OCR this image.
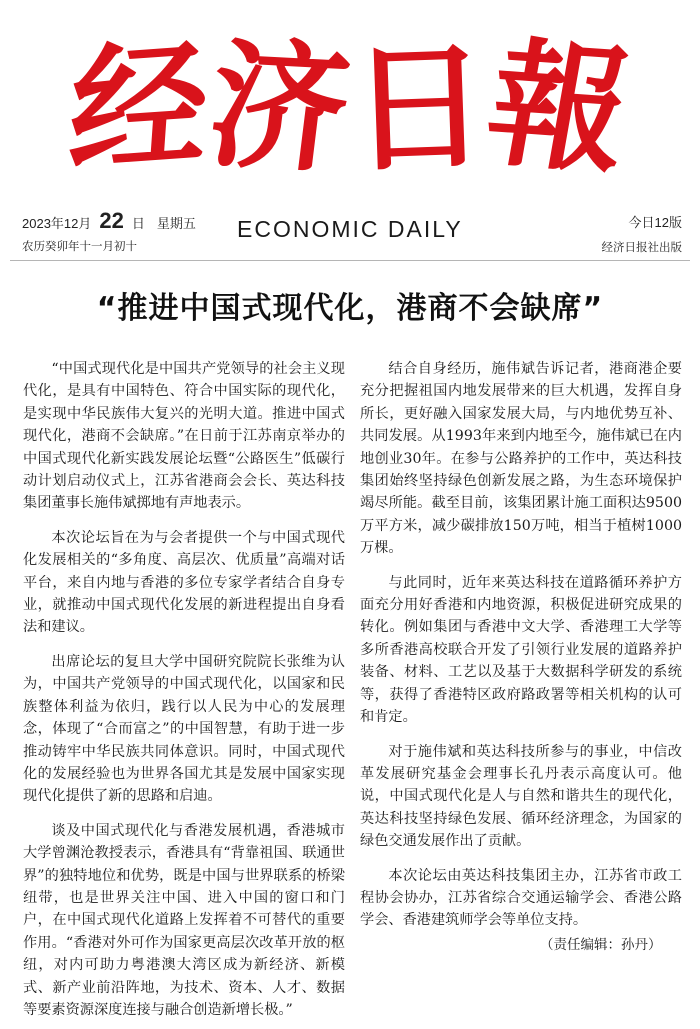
经
济
日
報
2023年12月 22 日 星期五
农历癸卯年十一月初十
ECONOMIC DAILY	今日12版
经济日报社出版
“推进中国式现代化，港商不会缺席”

“中国式现代化是中国共产党领导的社会主义现代化，是具有中国特色、符合中国实际的现代化，是实现中华民族伟大复兴的光明大道。推进中国式现代化，港商不会缺席。”在日前于江苏南京举办的中国式现代化新实践发展论坛暨“公路医生”低碳行动计划启动仪式上，江苏省港商会会长、英达科技集团董事长施伟斌掷地有声地表示。

本次论坛旨在为与会者提供一个与中国式现代化发展相关的“多角度、高层次、优质量”高端对话平台，来自内地与香港的多位专家学者结合自身专业，就推动中国式现代化发展的新进程提出自身看法和建议。

出席论坛的复旦大学中国研究院院长张维为认为，中国共产党领导的中国式现代化，以国家和民族整体利益为依归，践行以人民为中心的发展理念，体现了“合而富之”的中国智慧，有助于进一步推动铸牢中华民族共同体意识。同时，中国式现代化的发展经验也为世界各国尤其是发展中国家实现现代化提供了新的思路和启迪。

谈及中国式现代化与香港发展机遇，香港城市大学曾渊沧教授表示，香港具有“背靠祖国、联通世界”的独特地位和优势，既是中国与世界联系的桥梁纽带，也是世界关注中国、进入中国的窗口和门户，在中国式现代化道路上发挥着不可替代的重要作用。“香港对外可作为国家更高层次改革开放的枢纽，对内可助力粤港澳大湾区成为新经济、新模式、新产业前沿阵地，为技术、资本、人才、数据等要素资源深度连接与融合创造新增长极。”

结合自身经历，施伟斌告诉记者，港商港企要充分把握祖国内地发展带来的巨大机遇，发挥自身所长，更好融入国家发展大局，与内地优势互补、共同发展。从1993年来到内地至今，施伟斌已在内地创业30年。在参与公路养护的工作中，英达科技集团始终坚持绿色创新发展之路，为生态环境保护竭尽所能。截至目前，该集团累计施工面积达9500万平方米，减少碳排放150万吨，相当于植树1000万棵。

与此同时，近年来英达科技在道路循环养护方面充分用好香港和内地资源，积极促进研究成果的转化。例如集团与香港中文大学、香港理工大学等多所香港高校联合开发了引领行业发展的道路养护装备、材料、工艺以及基于大数据科学研发的系统等，获得了香港特区政府路政署等相关机构的认可和肯定。

对于施伟斌和英达科技所参与的事业，中信改革发展研究基金会理事长孔丹表示高度认可。他说，中国式现代化是人与自然和谐共生的现代化，英达科技坚持绿色发展、循环经济理念，为国家的绿色交通发展作出了贡献。

本次论坛由英达科技集团主办，江苏省市政工程协会协办，江苏省综合交通运输学会、香港公路学会、香港建筑师学会等单位支持。

（责任编辑：孙丹）
